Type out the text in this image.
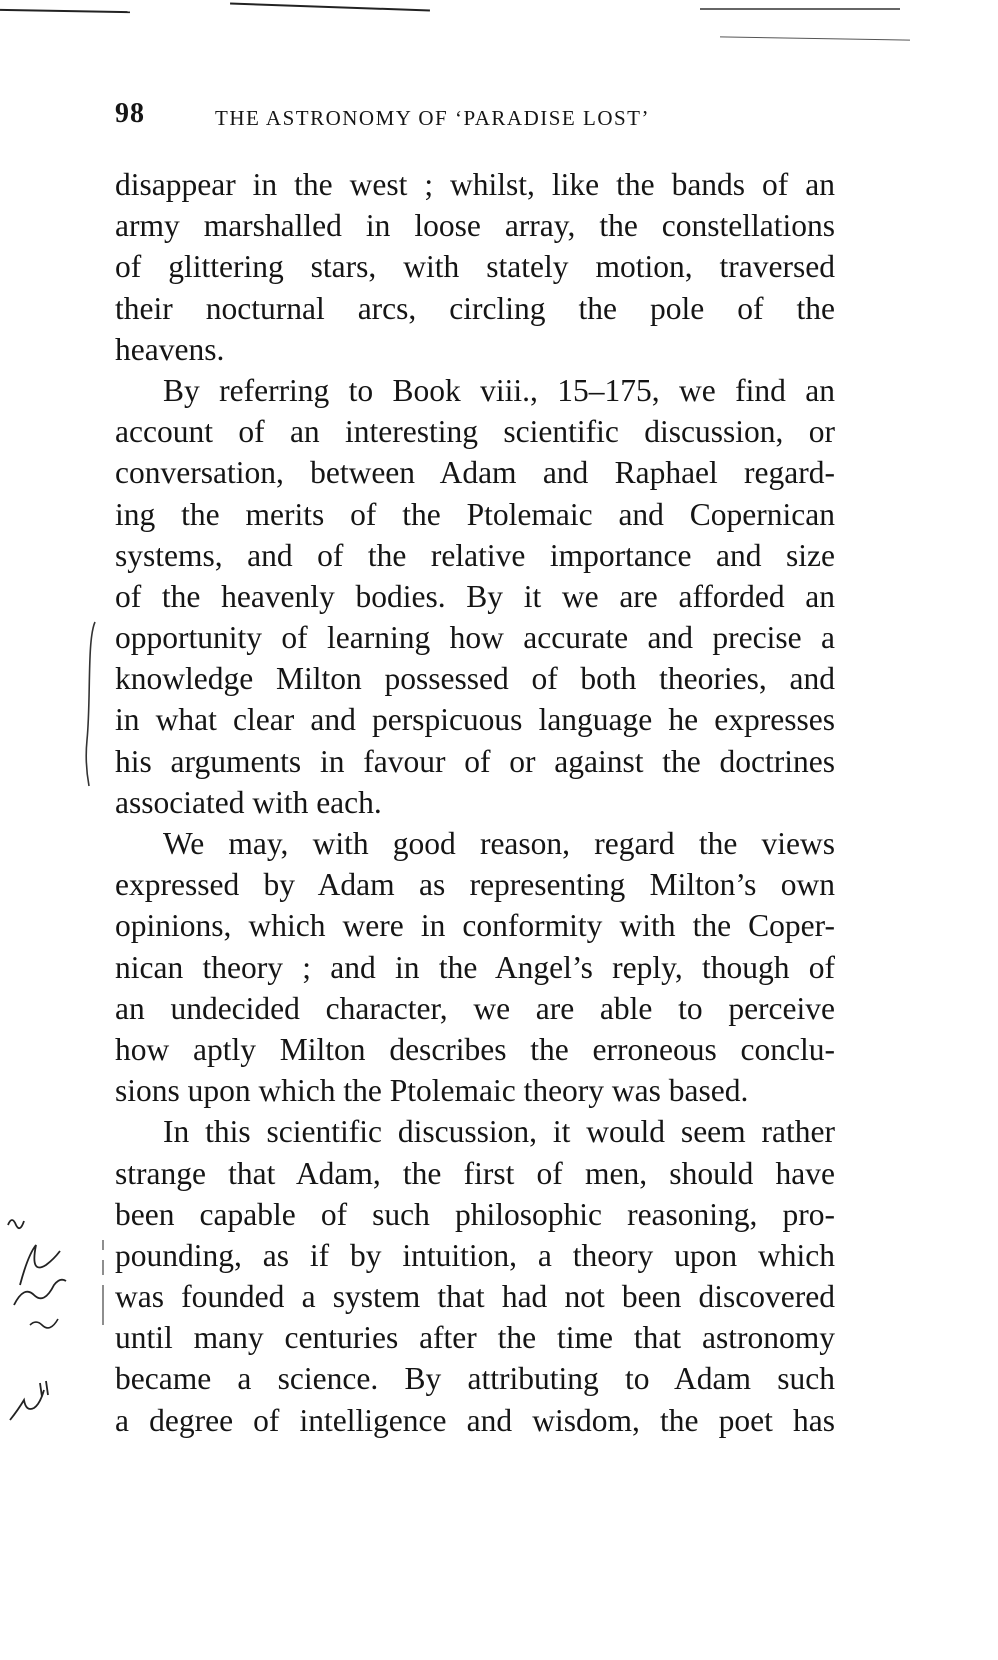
98	THE ASTRONOMY OF ‘PARADISE LOST’
disappear in the west ; whilst, like the bands of an
army marshalled in loose array, the constellations
of glittering stars, with stately motion, traversed
their nocturnal arcs, circling the pole of the
heavens.
By referring to Book viii., 15–175, we find an
account of an interesting scientific discussion, or
conversation, between Adam and Raphael regard-
ing the merits of the Ptolemaic and Copernican
systems, and of the relative importance and size
of the heavenly bodies. By it we are afforded an
opportunity of learning how accurate and precise a
knowledge Milton possessed of both theories, and
in what clear and perspicuous language he expresses
his arguments in favour of or against the doctrines
associated with each.
We may, with good reason, regard the views
expressed by Adam as representing Milton’s own
opinions, which were in conformity with the Coper-
nican theory ; and in the Angel’s reply, though of
an undecided character, we are able to perceive
how aptly Milton describes the erroneous conclu-
sions upon which the Ptolemaic theory was based.
In this scientific discussion, it would seem rather
strange that Adam, the first of men, should have
been capable of such philosophic reasoning, pro-
pounding, as if by intuition, a theory upon which
was founded a system that had not been discovered
until many centuries after the time that astronomy
became a science. By attributing to Adam such
a degree of intelligence and wisdom, the poet has
